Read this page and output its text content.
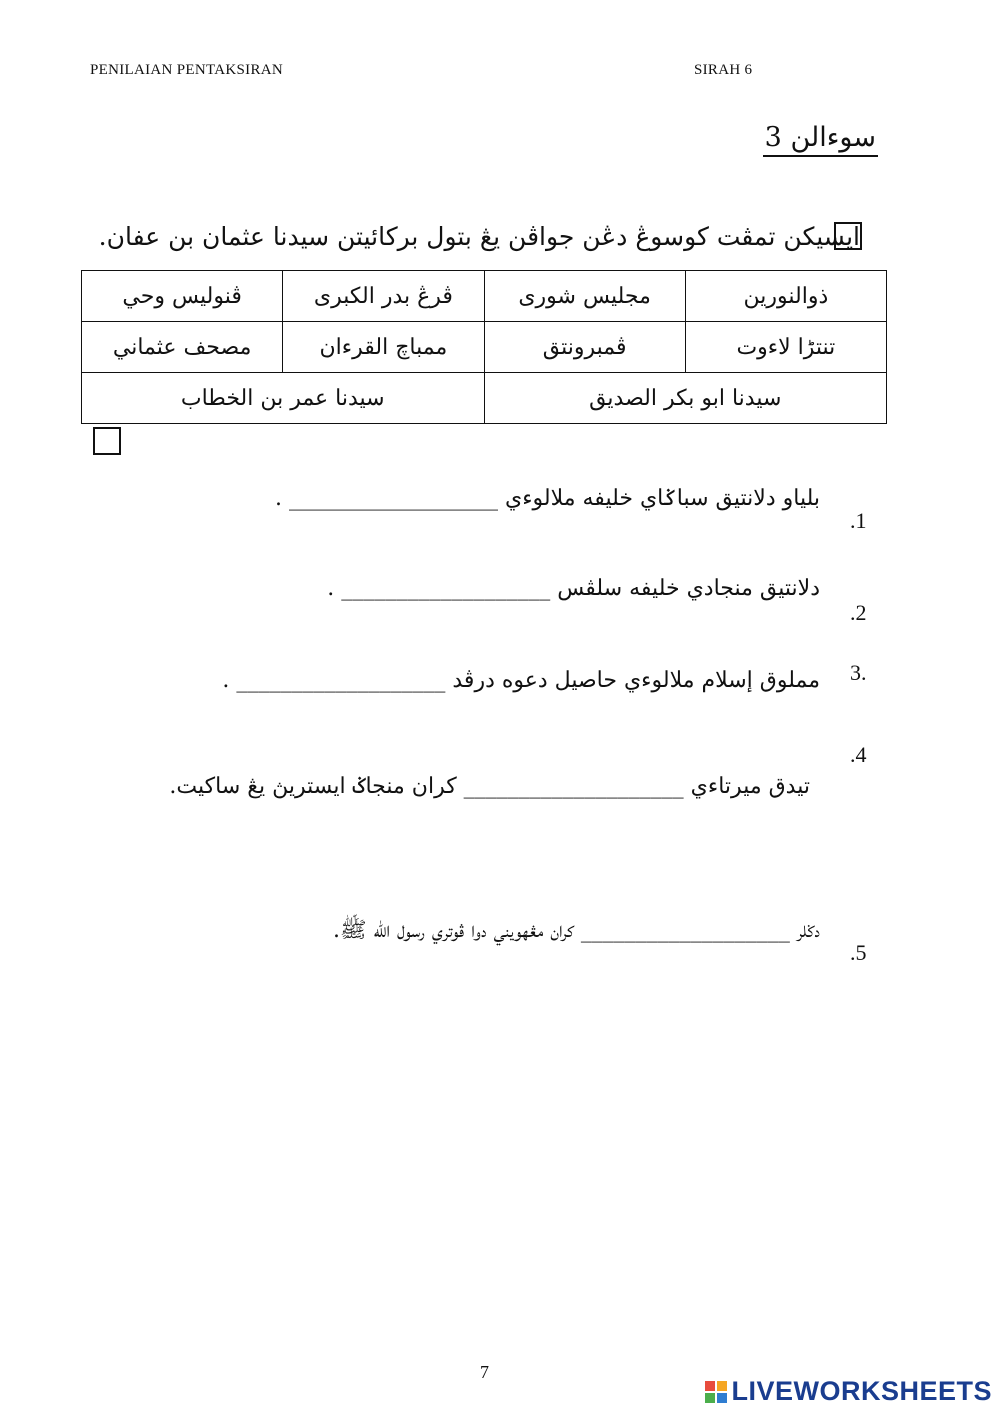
PENILAIAN PENTAKSIRAN	SIRAH 6
سوءالن 3
ايسيكن تمڤت كوسوڠ دڠن جواڤن يڠ بتول بركائيتن سيدنا عثمان بن عفان.
ڤنوليس وحي	ڤرڠ بدر الكبرى	مجليس شورى	ذوالنورين
مصحف عثماني	ممباچ القرءان	ڤمبرونتق	تنتڑا لاءوت
سيدنا عمر بن الخطاب		سيدنا ابو بكر الصديق	
بلياو دلانتيق سباݢاي خليفه ملالوءي ___________________ .
.1
دلانتيق منجادي خليفه سلڤس ___________________ .
.2
مملوق إسلام ملالوءي حاصيل دعوه درڤد ___________________ . 3.
.4
تيدق ميرتاءي ____________________ كران منجاݢ ايستريڽ يڠ ساكيت.
دݢلر ___________________ كران مڠهويني دوا ڤوتري رسول الله ﷺ.
.5
7
LIVEWORKSHEETS
